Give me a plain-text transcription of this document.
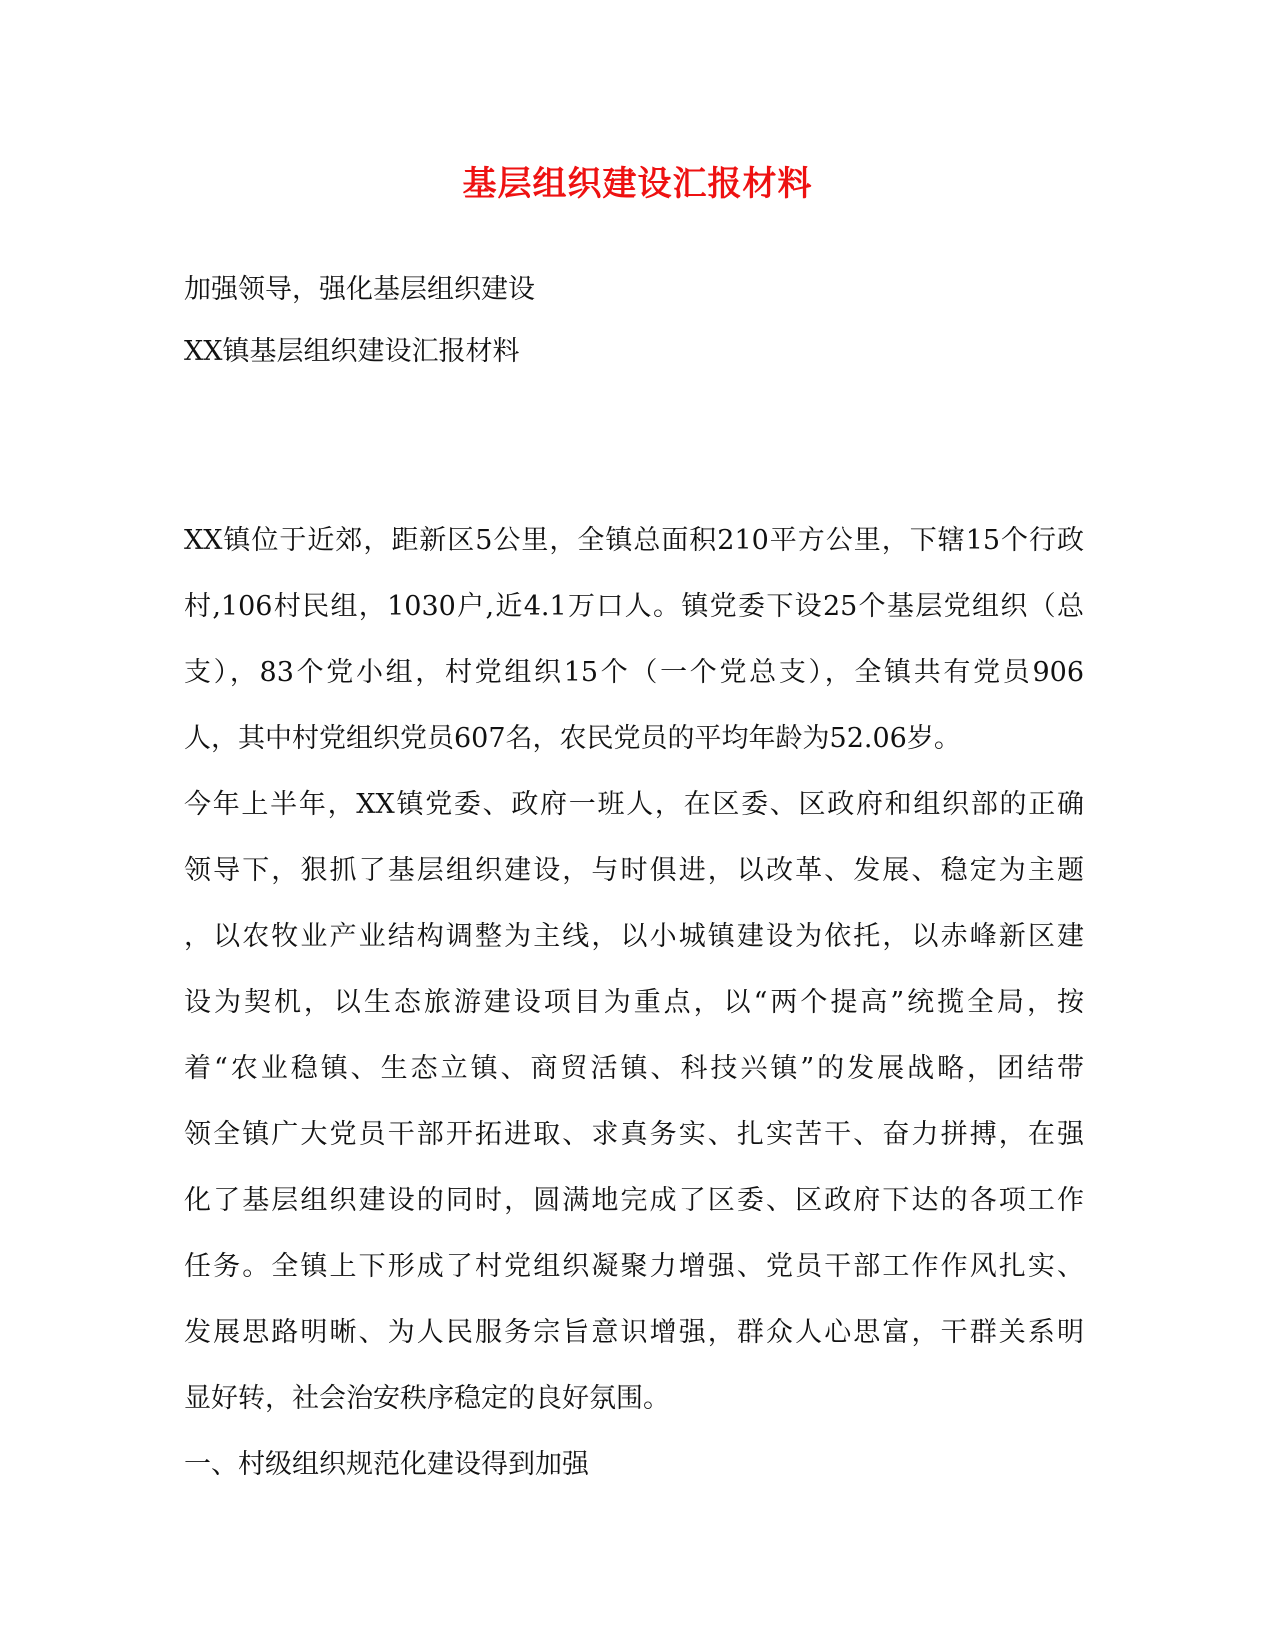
基层组织建设汇报材料
加强领导，强化基层组织建设
XX镇基层组织建设汇报材料
XX镇位于近郊，距新区5公里，全镇总面积210平方公里，下辖15个行政
村,106村民组，1030户,近4.1万口人。镇党委下设25个基层党组织（总
支），83个党小组，村党组织15个（一个党总支），全镇共有党员906
人，其中村党组织党员607名，农民党员的平均年龄为52.06岁。
今年上半年，XX镇党委、政府一班人，在区委、区政府和组织部的正确
领导下，狠抓了基层组织建设，与时俱进，以改革、发展、稳定为主题
，以农牧业产业结构调整为主线，以小城镇建设为依托，以赤峰新区建
设为契机，以生态旅游建设项目为重点，以“两个提高”统揽全局，按
着“农业稳镇、生态立镇、商贸活镇、科技兴镇”的发展战略，团结带
领全镇广大党员干部开拓进取、求真务实、扎实苦干、奋力拼搏，在强
化了基层组织建设的同时，圆满地完成了区委、区政府下达的各项工作
任务。全镇上下形成了村党组织凝聚力增强、党员干部工作作风扎实、
发展思路明晰、为人民服务宗旨意识增强，群众人心思富，干群关系明
显好转，社会治安秩序稳定的良好氛围。
一、村级组织规范化建设得到加强
